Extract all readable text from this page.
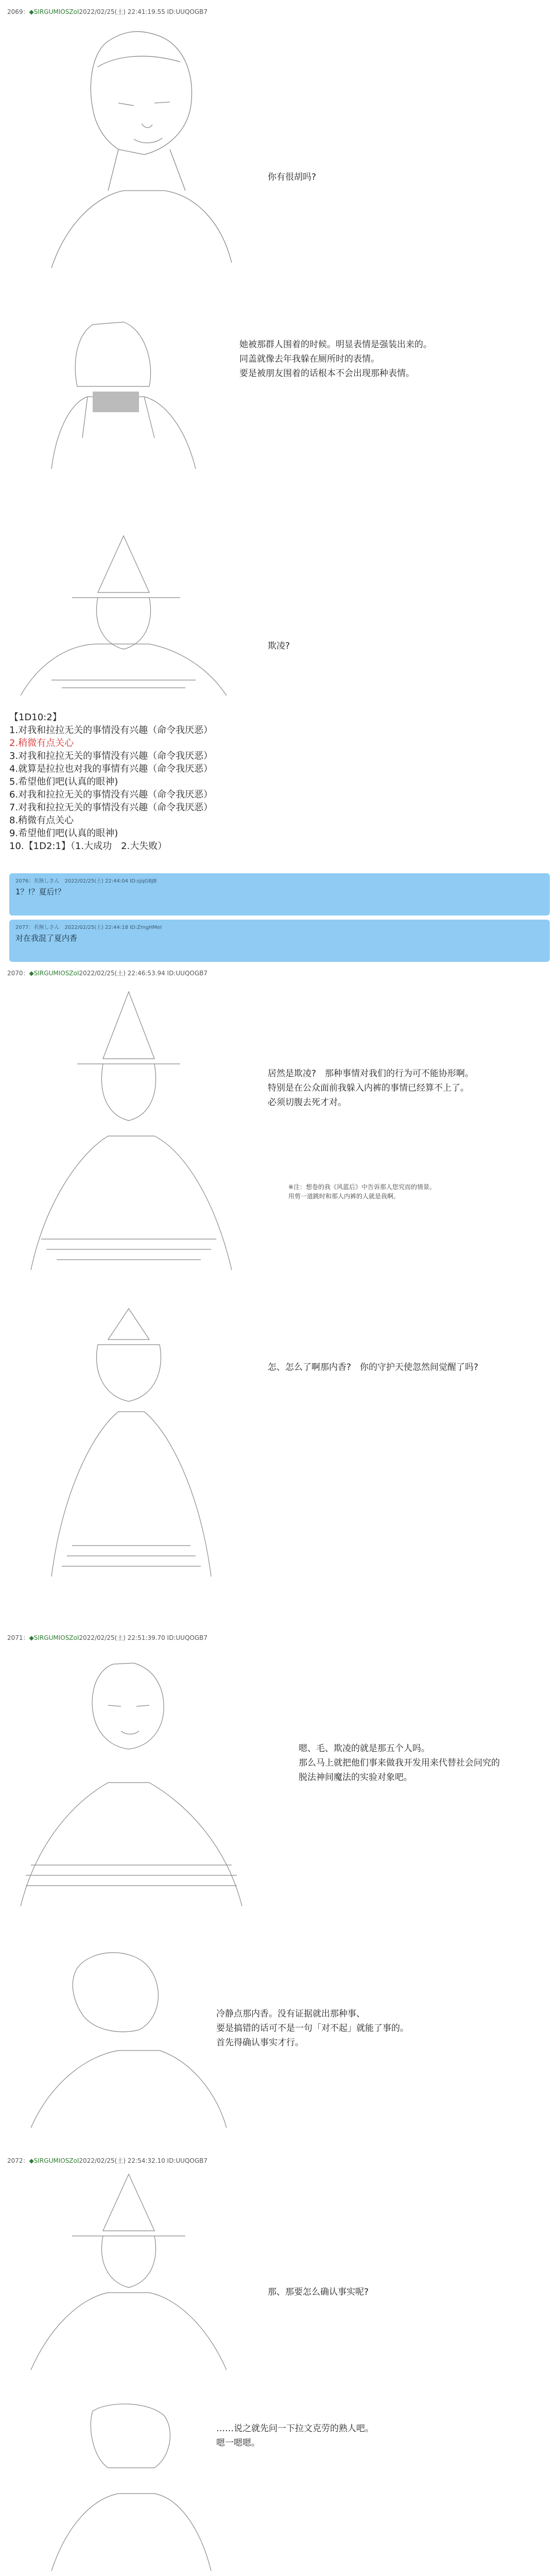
2069：◆SIRGUMIOSZoI2022/02/25(土) 22:41:19.55 ID:UUQOGB7

你有很胡吗?

她被那群人围着的时候。明显表情是强装出来的。

同盖就像去年我躲在厕所时的表情。

要是被朋友围着的话根本不会出现那种表情。

欺凌?

【1D10:2】

1.对我和拉拉无关的事情没有兴趣（命令我厌恶）

2.稍微有点关心

3.对我和拉拉无关的事情没有兴趣（命令我厌恶）

4.就算是拉拉也对我的事情有兴趣（命令我厌恶）

5.希望他们吧(认真的眼神)

6.对我和拉拉无关的事情没有兴趣（命令我厌恶）

7.对我和拉拉无关的事情没有兴趣（命令我厌恶）

8.稍微有点关心

9.希望他们吧(认真的眼神)

10.【1D2:1】（1.大成功　2.大失败）

2076：名無しさん　2022/02/25(土) 22:44:04 ID:sjqG8JB
1？!？夏后!？
2077：名無しさん　2022/02/25(土) 22:44:18 ID:ZmgHMeI
对在我混了夏内香
2070：◆SIRGUMIOSZoI2022/02/25(土) 22:46:53.94 ID:UUQOGB7

居然是欺凌?　那种事情对我们的行为可不能协形啊。

特别是在公众面前我躲入内裤的事情已经算不上了。

必须切腹去死才对。

※注：想卷的我《风蓝后》中告诉那人您究而的情景。
用剪一道跳时和那人内裤的人就是我啊。

怎、怎么了啊那内香?　你的守护天使忽然间觉醒了吗?

2071：◆SIRGUMIOSZoI2022/02/25(土) 22:51:39.70 ID:UUQOGB7

嗯、毛、欺凌的就是那五个人吗。

那么马上就把他们事来做我开发用来代替社会问究的

脱法神间魔法的实验对象吧。

冷静点那内香。没有证据就出那种事、

要是搞错的话可不是一句「对不起」就能了事的。

首先得确认事实才行。

2072：◆SIRGUMIOSZoI2022/02/25(土) 22:54:32.10 ID:UUQOGB7

那、那要怎么确认事实呢?

……说之就先问一下拉文克劳的熟人吧。

嗯一嗯嗯。
